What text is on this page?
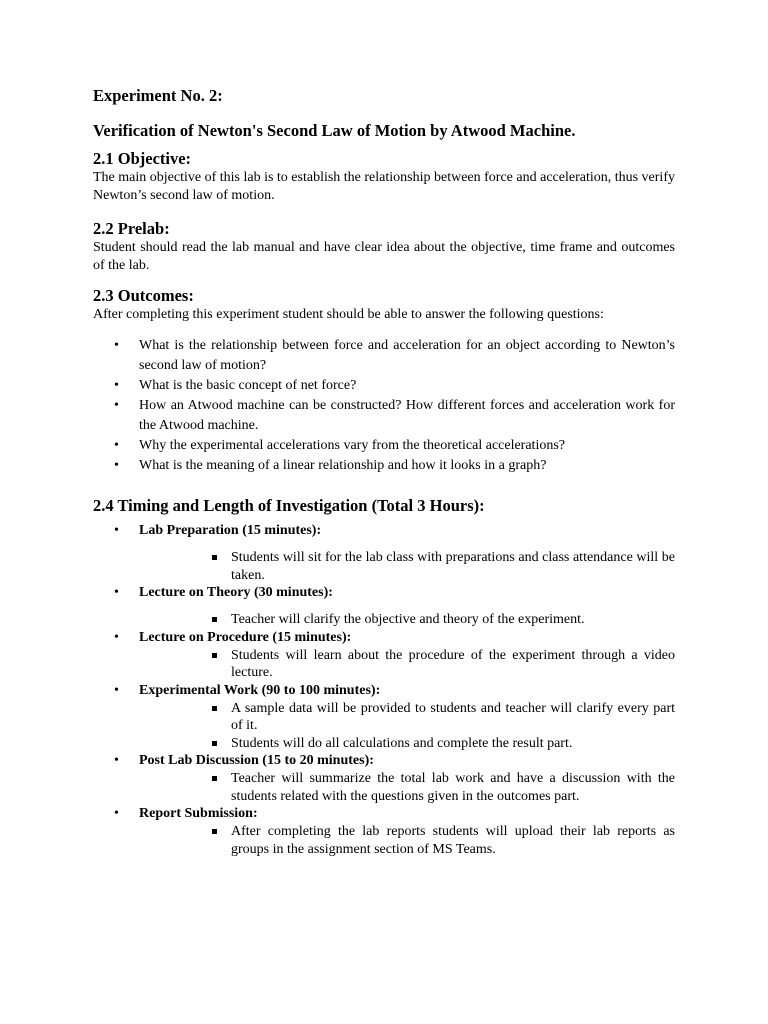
Experiment No. 2:
Verification of Newton's Second Law of Motion by Atwood Machine.
2.1 Objective:

The main objective of this lab is to establish the relationship between force and acceleration, thus verify Newton’s second law of motion.

2.2 Prelab:

Student should read the lab manual and have clear idea about the objective, time frame and outcomes of the lab.

2.3 Outcomes:

After completing this experiment student should be able to answer the following questions:

• What is the relationship between force and acceleration for an object according to Newton’s second law of motion?
• What is the basic concept of net force?
• How an Atwood machine can be constructed? How different forces and acceleration work for the Atwood machine.
• Why the experimental accelerations vary from the theoretical accelerations?
• What is the meaning of a linear relationship and how it looks in a graph?
2.4 Timing and Length of Investigation (Total 3 Hours):
• Lab Preparation (15 minutes):
Students will sit for the lab class with preparations and class attendance will be taken.
• Lecture on Theory (30 minutes):
Teacher will clarify the objective and theory of the experiment.
• Lecture on Procedure (15 minutes):
Students will learn about the procedure of the experiment through a video lecture.
• Experimental Work (90 to 100 minutes):
A sample data will be provided to students and teacher will clarify every part of it.
Students will do all calculations and complete the result part.
• Post Lab Discussion (15 to 20 minutes):
Teacher will summarize the total lab work and have a discussion with the students related with the questions given in the outcomes part.
• Report Submission:
After completing the lab reports students will upload their lab reports as groups in the assignment section of MS Teams.
